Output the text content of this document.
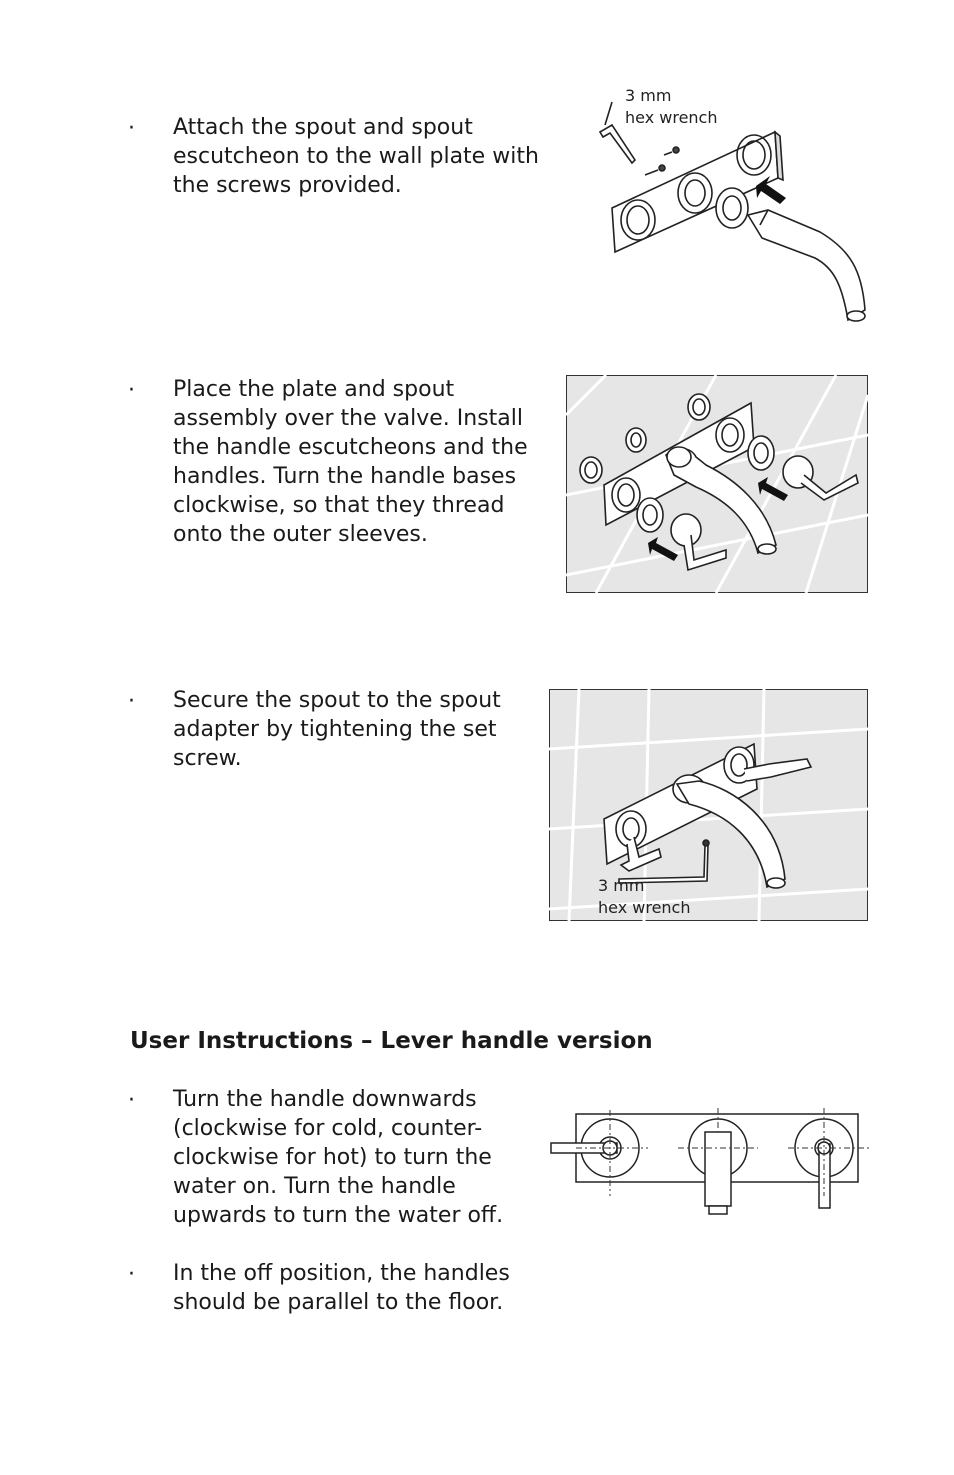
· Attach the spout and spout
escutcheon to the wall plate with
the screws provided.
3 mm
hex wrench
· Place the plate and spout
assembly over the valve. Install
the handle escutcheons and the
handles. Turn the handle bases
clockwise, so that they thread
onto the outer sleeves.
· Secure the spout to the spout
adapter by tightening the set
screw.
3 mm
hex wrench
User Instructions – Lever handle version
· Turn the handle downwards
(clockwise for cold, counter-
clockwise for hot) to turn the
water on. Turn the handle
upwards to turn the water off.
· In the off position, the handles
should be parallel to the floor.
